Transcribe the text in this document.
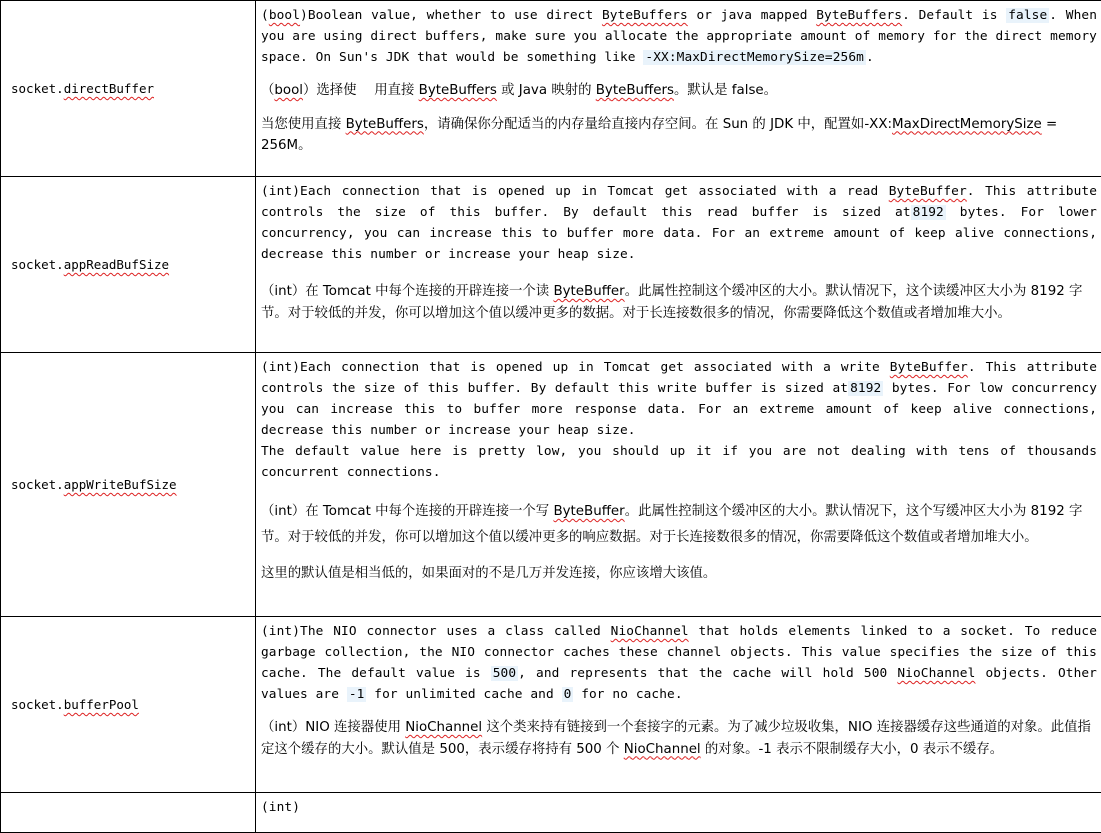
socket.directBuffer	(bool)Boolean value, whether to use direct ByteBuffers or java mapped ByteBuffers. Default is false . When you are using direct buffers, make sure you allocate the appropriate amount of memory for the direct memory space. On Sun's JDK that would be something like -XX:MaxDirectMemorySize=256m .

（bool）选择使　 用直接 ByteBuffers 或 Java 映射的 ByteBuffers。默认是 false。

当您使用直接 ByteBuffers，请确保你分配适当的内存量给直接内存空间。在 Sun 的 JDK 中，配置如-XX:MaxDirectMemorySize = 256M。

socket.appReadBufSize	(int)Each connection that is opened up in Tomcat get associated with a read ByteBuffer. This attribute controls the size of this buffer. By default this read buffer is sized at 8192 bytes. For lower concurrency, you can increase this to buffer more data. For an extreme amount of keep alive connections, decrease this number or increase your heap size.

（int）在 Tomcat 中每个连接的开辟连接一个读 ByteBuffer。此属性控制这个缓冲区的大小。默认情况下，这个读缓冲区大小为 8192 字节。对于较低的并发，你可以增加这个值以缓冲更多的数据。对于长连接数很多的情况，你需要降低这个数值或者增加堆大小。

socket.appWriteBufSize	(int)Each connection that is opened up in Tomcat get associated with a write ByteBuffer. This attribute controls the size of this buffer. By default this write buffer is sized at 8192 bytes. For low concurrency you can increase this to buffer more response data. For an extreme amount of keep alive connections, decrease this number or increase your heap size.

The default value here is pretty low, you should up it if you are not dealing with tens of thousands concurrent connections.

（int）在 Tomcat 中每个连接的开辟连接一个写 ByteBuffer。此属性控制这个缓冲区的大小。默认情况下，这个写缓冲区大小为 8192 字节。对于较低的并发，你可以增加这个值以缓冲更多的响应数据。对于长连接数很多的情况，你需要降低这个数值或者增加堆大小。

这里的默认值是相当低的，如果面对的不是几万并发连接，你应该增大该值。

socket.bufferPool	(int)The NIO connector uses a class called NioChannel that holds elements linked to a socket. To reduce garbage collection, the NIO connector caches these channel objects. This value specifies the size of this cache. The default value is 500 , and represents that the cache will hold 500 NioChannel objects. Other values are -1 for unlimited cache and 0 for no cache.

（int）NIO 连接器使用 NioChannel 这个类来持有链接到一个套接字的元素。为了减少垃圾收集，NIO 连接器缓存这些通道的对象。此值指定这个缓存的大小。默认值是 500，表示缓存将持有 500 个 NioChannel 的对象。-1 表示不限制缓存大小，0 表示不缓存。

	(int)
